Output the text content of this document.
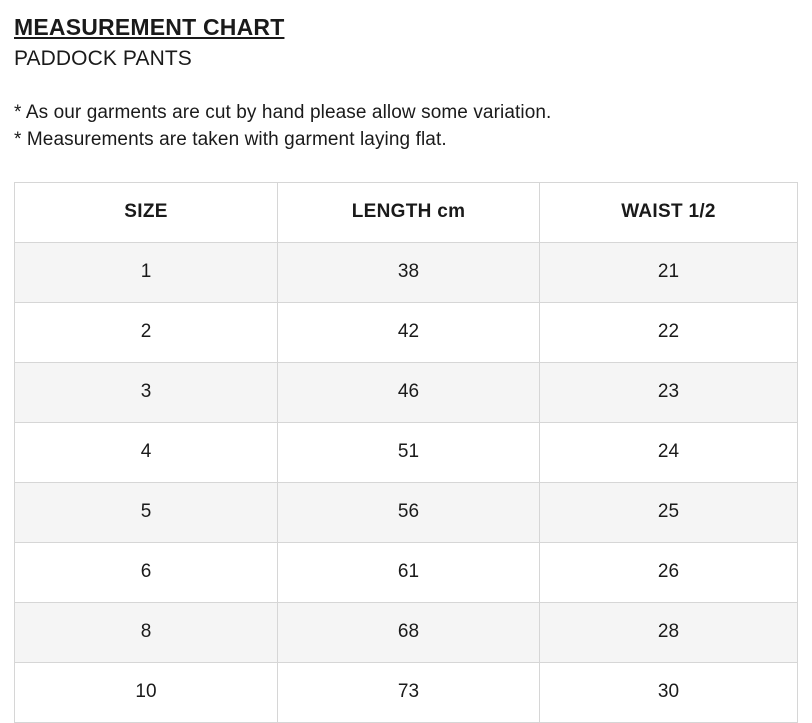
MEASUREMENT CHART
PADDOCK PANTS
* As our garments are cut by hand please allow some variation.
* Measurements are taken with garment laying flat.
SIZE	LENGTH cm	WAIST 1/2
1	38	21
2	42	22
3	46	23
4	51	24
5	56	25
6	61	26
8	68	28
10	73	30
